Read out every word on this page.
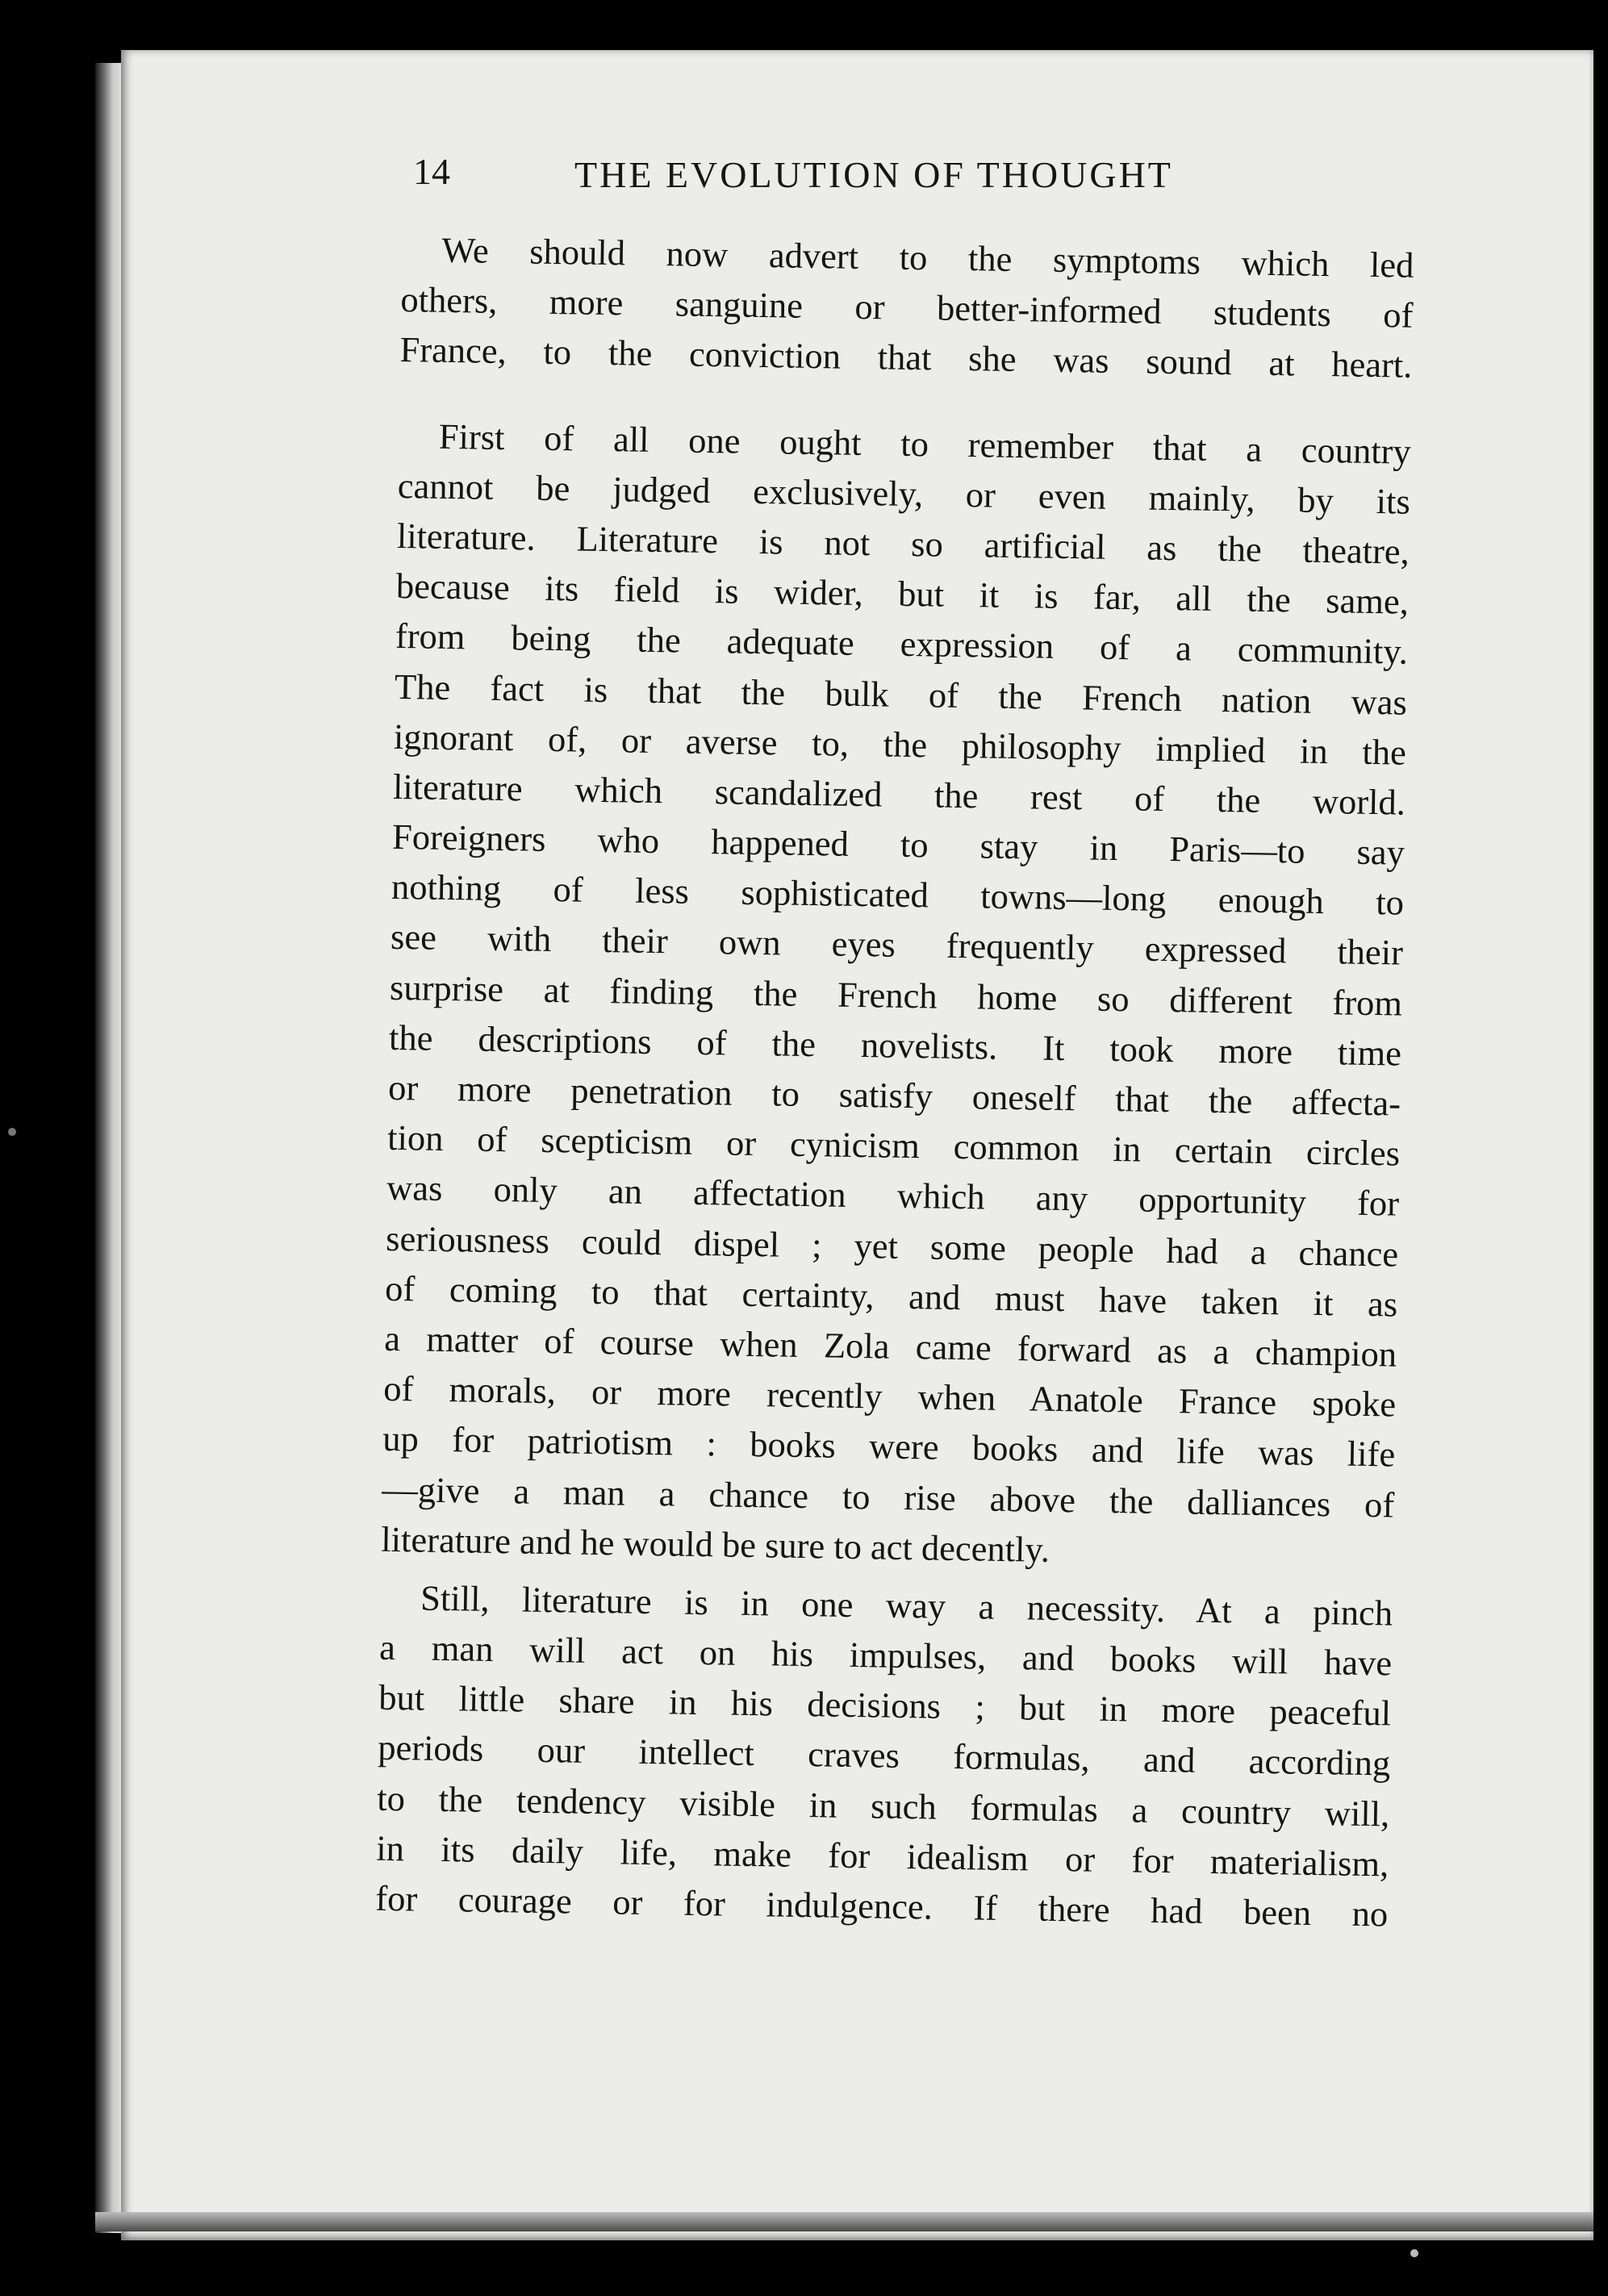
14	THE EVOLUTION OF THOUGHT
We should now advert to the symptoms which led
others, more sanguine or better-informed students of
France, to the conviction that she was sound at heart.
First of all one ought to remember that a country
cannot be judged exclusively, or even mainly, by its
literature. Literature is not so artificial as the theatre,
because its field is wider, but it is far, all the same,
from being the adequate expression of a community.
The fact is that the bulk of the French nation was
ignorant of, or averse to, the philosophy implied in the
literature which scandalized the rest of the world.
Foreigners who happened to stay in Paris—to say
nothing of less sophisticated towns—long enough to
see with their own eyes frequently expressed their
surprise at finding the French home so different from
the descriptions of the novelists. It took more time
or more penetration to satisfy oneself that the affecta-
tion of scepticism or cynicism common in certain circles
was only an affectation which any opportunity for
seriousness could dispel ; yet some people had a chance
of coming to that certainty, and must have taken it as
a matter of course when Zola came forward as a champion
of morals, or more recently when Anatole France spoke
up for patriotism : books were books and life was life
—give a man a chance to rise above the dalliances of
literature and he would be sure to act decently.
Still, literature is in one way a necessity. At a pinch
a man will act on his impulses, and books will have
but little share in his decisions ; but in more peaceful
periods our intellect craves formulas, and according
to the tendency visible in such formulas a country will,
in its daily life, make for idealism or for materialism,
for courage or for indulgence. If there had been no
